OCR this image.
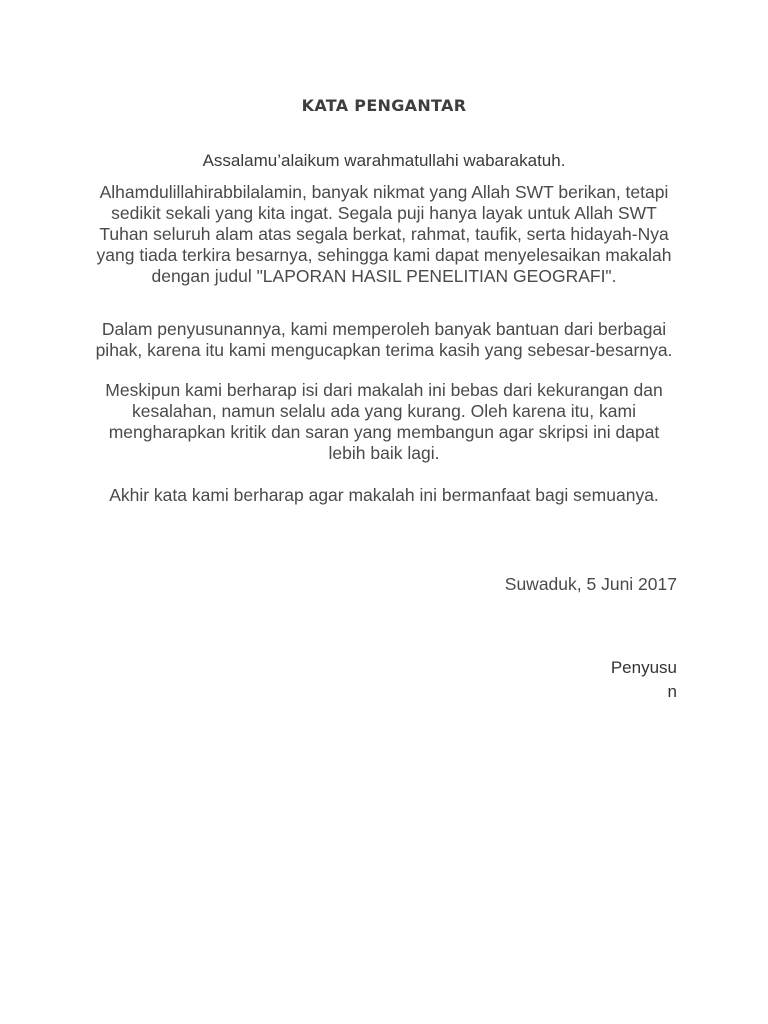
KATA PENGANTAR
Assalamu’alaikum warahmatullahi wabarakatuh.
Alhamdulillahirabbilalamin, banyak nikmat yang Allah SWT berikan, tetapi
sedikit sekali yang kita ingat. Segala puji hanya layak untuk Allah SWT
Tuhan seluruh alam atas segala berkat, rahmat, taufik, serta hidayah-Nya
yang tiada terkira besarnya, sehingga kami dapat menyelesaikan makalah
dengan judul "LAPORAN HASIL PENELITIAN GEOGRAFI".
Dalam penyusunannya, kami memperoleh banyak bantuan dari berbagai
pihak, karena itu kami mengucapkan terima kasih yang sebesar-besarnya.
Meskipun kami berharap isi dari makalah ini bebas dari kekurangan dan
kesalahan, namun selalu ada yang kurang. Oleh karena itu, kami
mengharapkan kritik dan saran yang membangun agar skripsi ini dapat
lebih baik lagi.
Akhir kata kami berharap agar makalah ini bermanfaat bagi semuanya.
Suwaduk, 5 Juni 2017
Penyusu
n
